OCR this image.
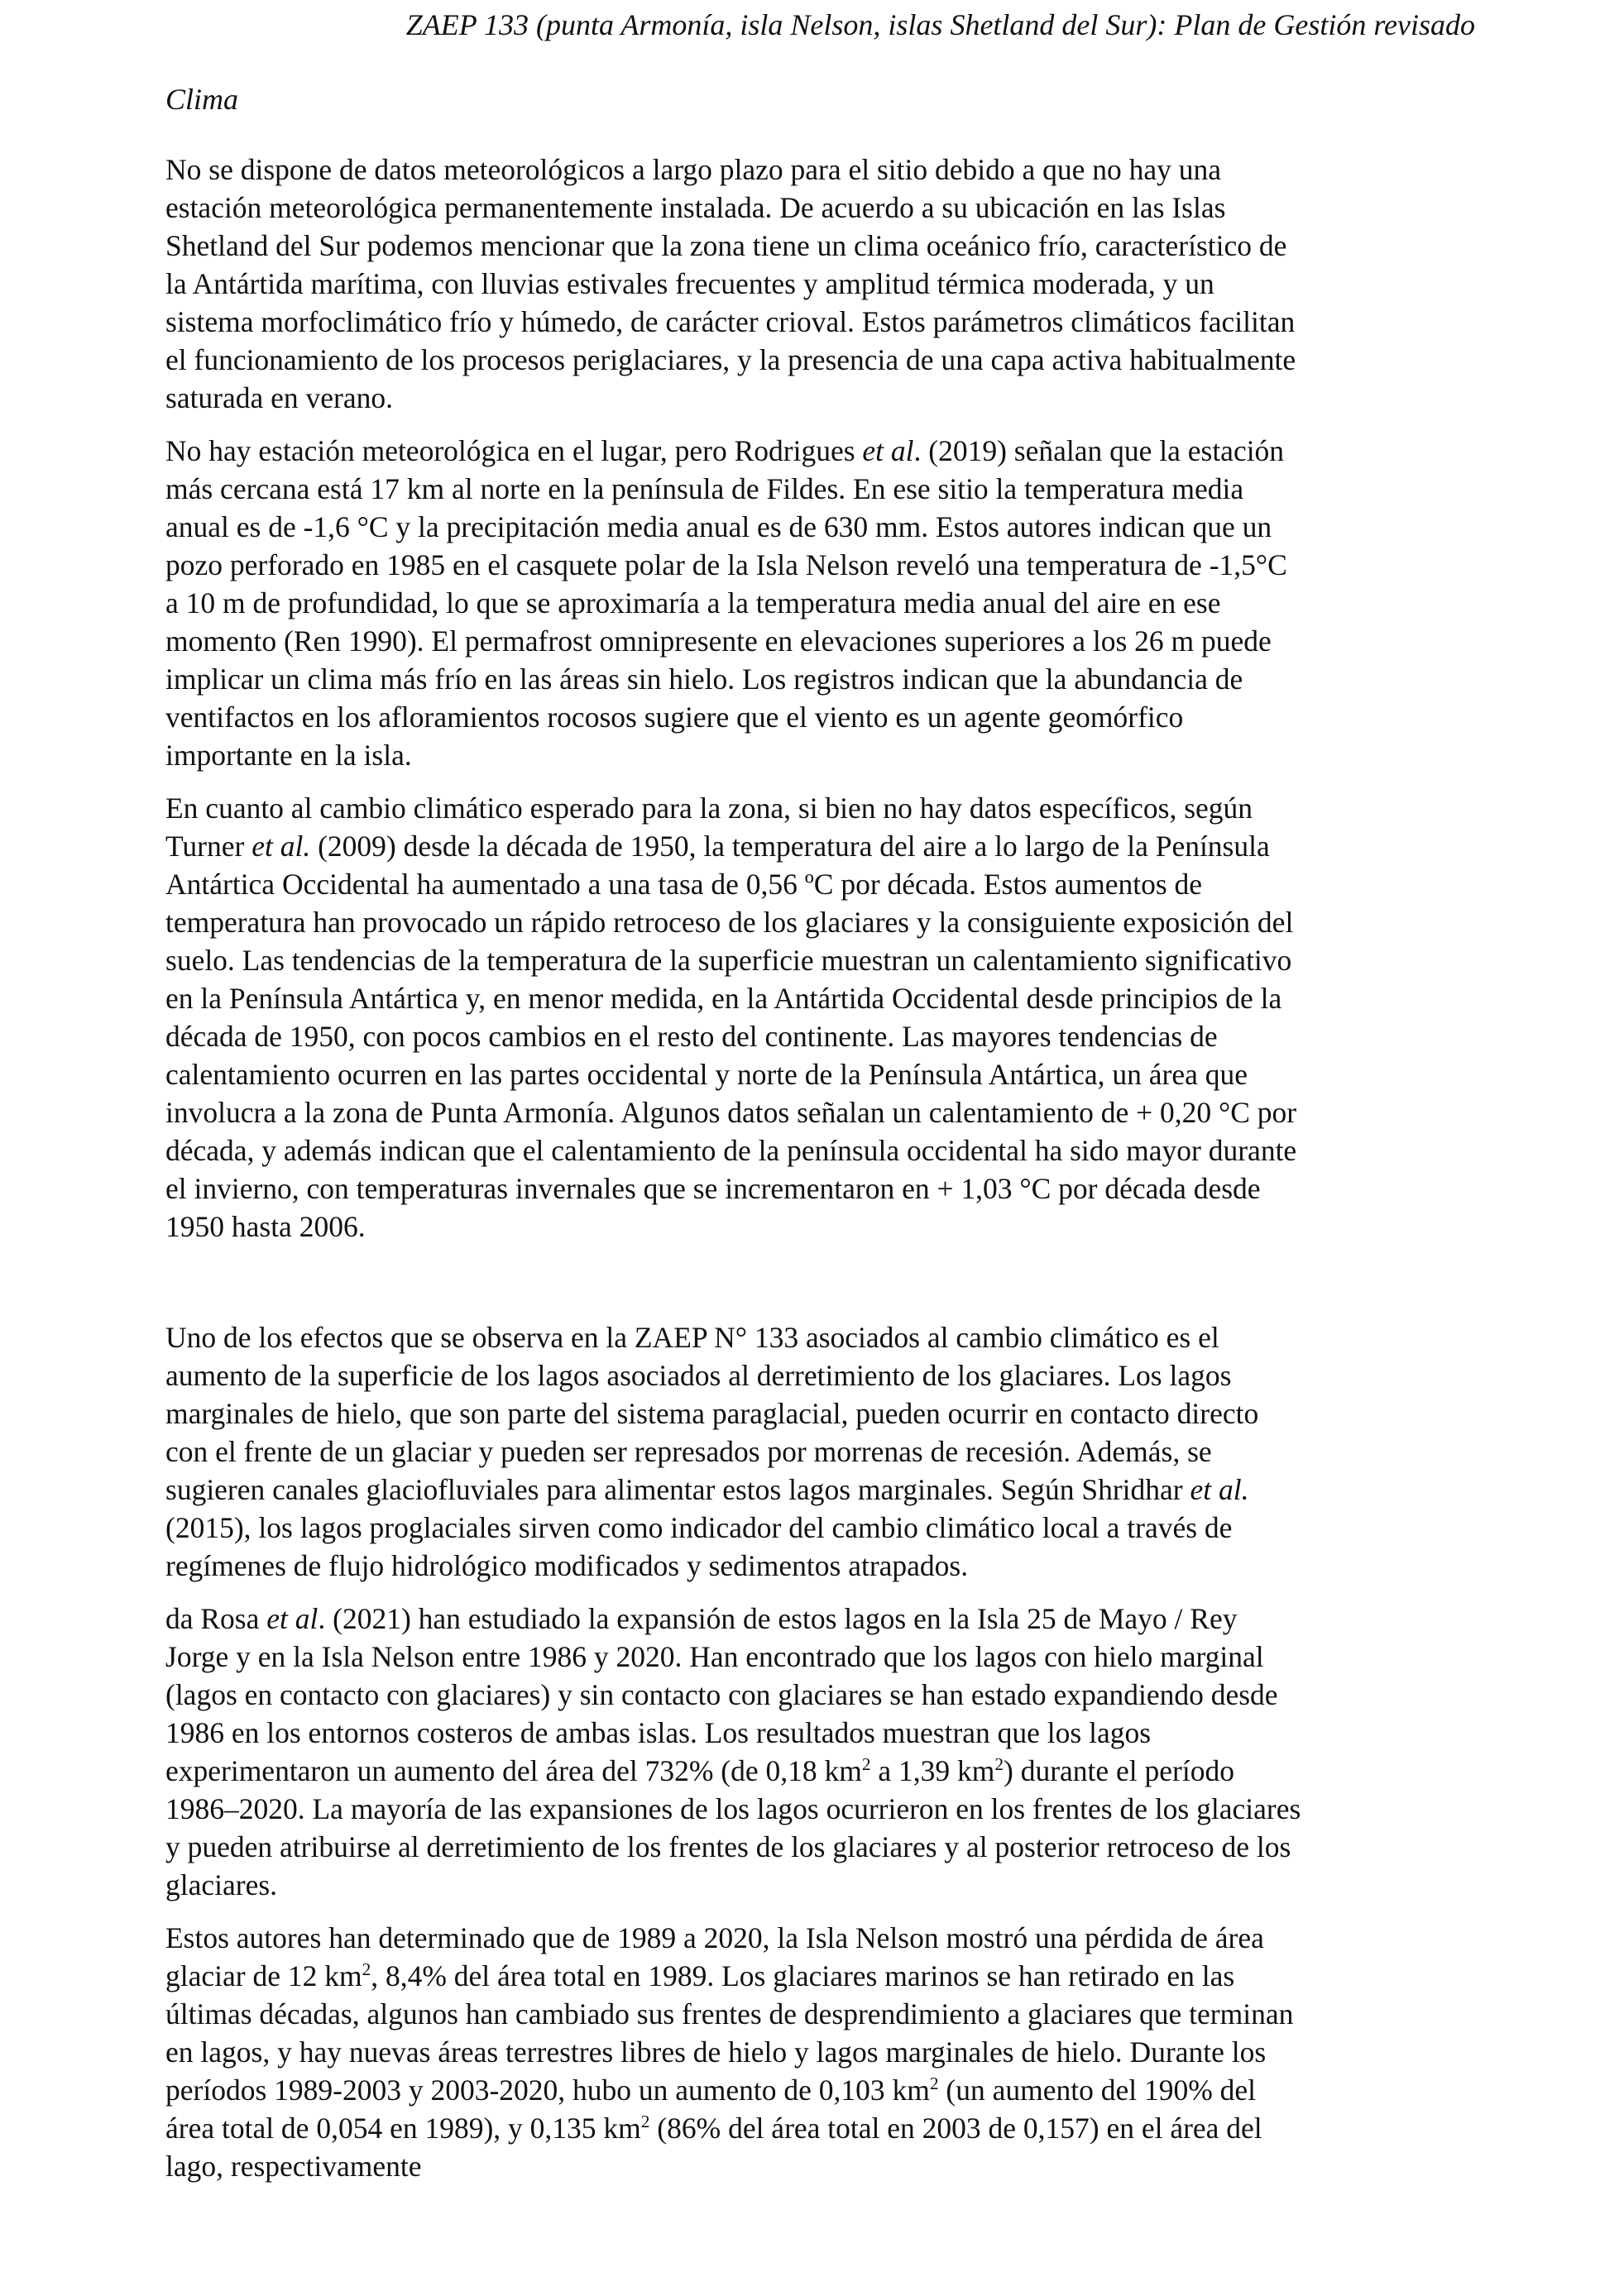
ZAEP 133 (punta Armonía, isla Nelson, islas Shetland del Sur): Plan de Gestión revisado
Clima

No se dispone de datos meteorológicos a largo plazo para el sitio debido a que no hay una
estación meteorológica permanentemente instalada. De acuerdo a su ubicación en las Islas
Shetland del Sur podemos mencionar que la zona tiene un clima oceánico frío, característico de
la Antártida marítima, con lluvias estivales frecuentes y amplitud térmica moderada, y un
sistema morfoclimático frío y húmedo, de carácter crioval. Estos parámetros climáticos facilitan
el funcionamiento de los procesos periglaciares, y la presencia de una capa activa habitualmente
saturada en verano.

No hay estación meteorológica en el lugar, pero Rodrigues et al. (2019) señalan que la estación
más cercana está 17 km al norte en la península de Fildes. En ese sitio la temperatura media
anual es de -1,6 °C y la precipitación media anual es de 630 mm. Estos autores indican que un
pozo perforado en 1985 en el casquete polar de la Isla Nelson reveló una temperatura de -1,5°C
a 10 m de profundidad, lo que se aproximaría a la temperatura media anual del aire en ese
momento (Ren 1990). El permafrost omnipresente en elevaciones superiores a los 26 m puede
implicar un clima más frío en las áreas sin hielo. Los registros indican que la abundancia de
ventifactos en los afloramientos rocosos sugiere que el viento es un agente geomórfico
importante en la isla.

En cuanto al cambio climático esperado para la zona, si bien no hay datos específicos, según
Turner et al. (2009) desde la década de 1950, la temperatura del aire a lo largo de la Península
Antártica Occidental ha aumentado a una tasa de 0,56 ºC por década. Estos aumentos de
temperatura han provocado un rápido retroceso de los glaciares y la consiguiente exposición del
suelo. Las tendencias de la temperatura de la superficie muestran un calentamiento significativo
en la Península Antártica y, en menor medida, en la Antártida Occidental desde principios de la
década de 1950, con pocos cambios en el resto del continente. Las mayores tendencias de
calentamiento ocurren en las partes occidental y norte de la Península Antártica, un área que
involucra a la zona de Punta Armonía. Algunos datos señalan un calentamiento de + 0,20 °C por
década, y además indican que el calentamiento de la península occidental ha sido mayor durante
el invierno, con temperaturas invernales que se incrementaron en + 1,03 °C por década desde
1950 hasta 2006.

Uno de los efectos que se observa en la ZAEP N° 133 asociados al cambio climático es el
aumento de la superficie de los lagos asociados al derretimiento de los glaciares. Los lagos
marginales de hielo, que son parte del sistema paraglacial, pueden ocurrir en contacto directo
con el frente de un glaciar y pueden ser represados por morrenas de recesión. Además, se
sugieren canales glaciofluviales para alimentar estos lagos marginales. Según Shridhar et al.
(2015), los lagos proglaciales sirven como indicador del cambio climático local a través de
regímenes de flujo hidrológico modificados y sedimentos atrapados.

da Rosa et al. (2021) han estudiado la expansión de estos lagos en la Isla 25 de Mayo / Rey
Jorge y en la Isla Nelson entre 1986 y 2020. Han encontrado que los lagos con hielo marginal
(lagos en contacto con glaciares) y sin contacto con glaciares se han estado expandiendo desde
1986 en los entornos costeros de ambas islas. Los resultados muestran que los lagos
experimentaron un aumento del área del 732% (de 0,18 $km^2$ a 1,39 $km^2$) durante el período
1986–2020. La mayoría de las expansiones de los lagos ocurrieron en los frentes de los glaciares
y pueden atribuirse al derretimiento de los frentes de los glaciares y al posterior retroceso de los
glaciares.

Estos autores han determinado que de 1989 a 2020, la Isla Nelson mostró una pérdida de área
glaciar de 12 $km^2$, 8,4% del área total en 1989. Los glaciares marinos se han retirado en las
últimas décadas, algunos han cambiado sus frentes de desprendimiento a glaciares que terminan
en lagos, y hay nuevas áreas terrestres libres de hielo y lagos marginales de hielo. Durante los
períodos 1989-2003 y 2003-2020, hubo un aumento de 0,103 $km^2$ (un aumento del 190% del
área total de 0,054 en 1989), y 0,135 $km^2$ (86% del área total en 2003 de 0,157) en el área del
lago, respectivamente
